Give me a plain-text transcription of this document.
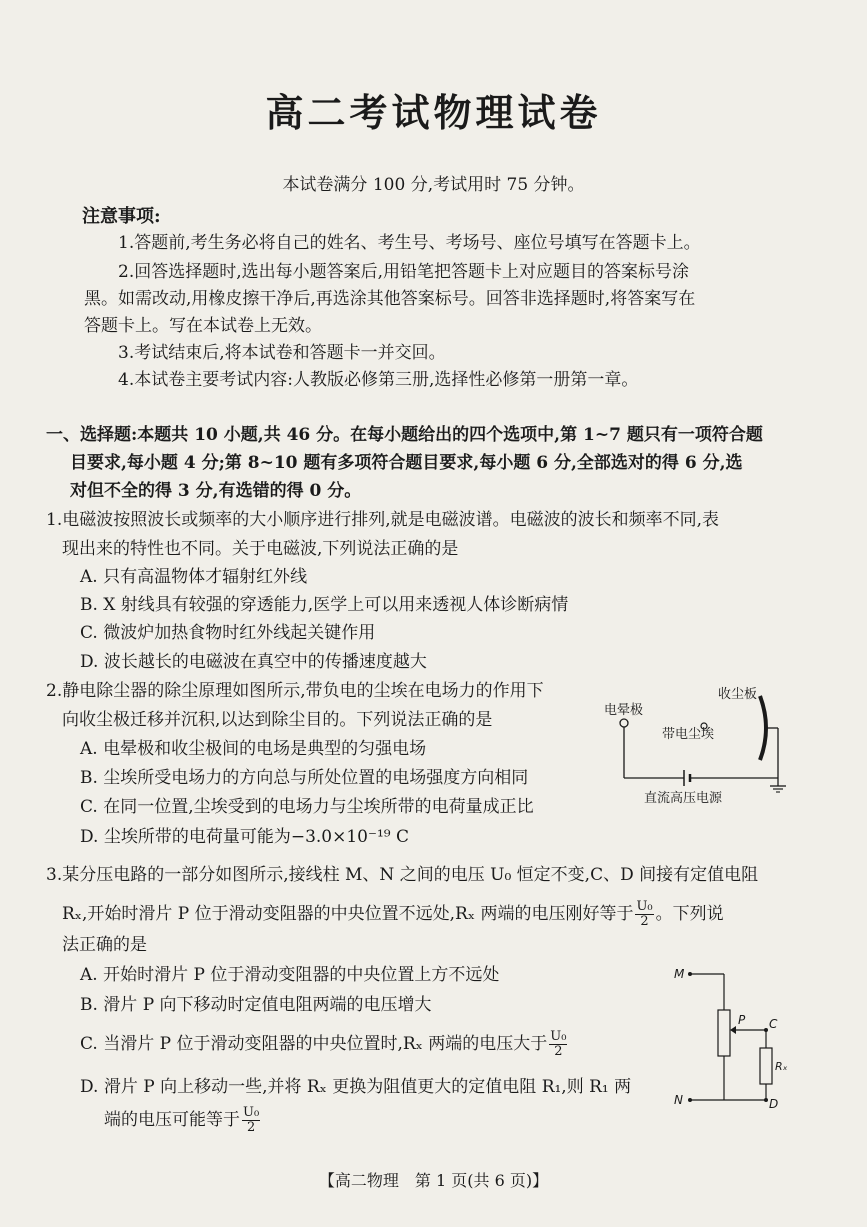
高二考试物理试卷
本试卷满分 100 分,考试用时 75 分钟。
注意事项:
1.答题前,考生务必将自己的姓名、考生号、考场号、座位号填写在答题卡上。
2.回答选择题时,选出每小题答案后,用铅笔把答题卡上对应题目的答案标号涂
黑。如需改动,用橡皮擦干净后,再选涂其他答案标号。回答非选择题时,将答案写在
答题卡上。写在本试卷上无效。
3.考试结束后,将本试卷和答题卡一并交回。
4.本试卷主要考试内容:人教版必修第三册,选择性必修第一册第一章。
一、选择题:本题共 10 小题,共 46 分。在每小题给出的四个选项中,第 1~7 题只有一项符合题
目要求,每小题 4 分;第 8~10 题有多项符合题目要求,每小题 6 分,全部选对的得 6 分,选
对但不全的得 3 分,有选错的得 0 分。
1.电磁波按照波长或频率的大小顺序进行排列,就是电磁波谱。电磁波的波长和频率不同,表
现出来的特性也不同。关于电磁波,下列说法正确的是
A. 只有高温物体才辐射红外线
B. X 射线具有较强的穿透能力,医学上可以用来透视人体诊断病情
C. 微波炉加热食物时红外线起关键作用
D. 波长越长的电磁波在真空中的传播速度越大
2.静电除尘器的除尘原理如图所示,带负电的尘埃在电场力的作用下
向收尘极迁移并沉积,以达到除尘目的。下列说法正确的是
A. 电晕极和收尘极间的电场是典型的匀强电场
B. 尘埃所受电场力的方向总与所处位置的电场强度方向相同
C. 在同一位置,尘埃受到的电场力与尘埃所带的电荷量成正比
D. 尘埃所带的电荷量可能为−3.0×10⁻¹⁹ C
收尘板
电晕极
带电尘埃
直流高压电源
3.某分压电路的一部分如图所示,接线柱 M、N 之间的电压 U₀ 恒定不变,C、D 间接有定值电阻
Rₓ,开始时滑片 P 位于滑动变阻器的中央位置不远处,Rₓ 两端的电压刚好等于 $\frac{\text{U₀}}{2}$ 。下列说
法正确的是
A. 开始时滑片 P 位于滑动变阻器的中央位置上方不远处
B. 滑片 P 向下移动时定值电阻两端的电压增大
C. 当滑片 P 位于滑动变阻器的中央位置时,Rₓ 两端的电压大于 $\frac{\text{U₀}}{2}$
D. 滑片 P 向上移动一些,并将 Rₓ 更换为阻值更大的定值电阻 R₁,则 R₁ 两
端的电压可能等于 $\frac{\text{U₀}}{2}$
M
P C
Rₓ
N	D
【高二物理　第 1 页(共 6 页)】
